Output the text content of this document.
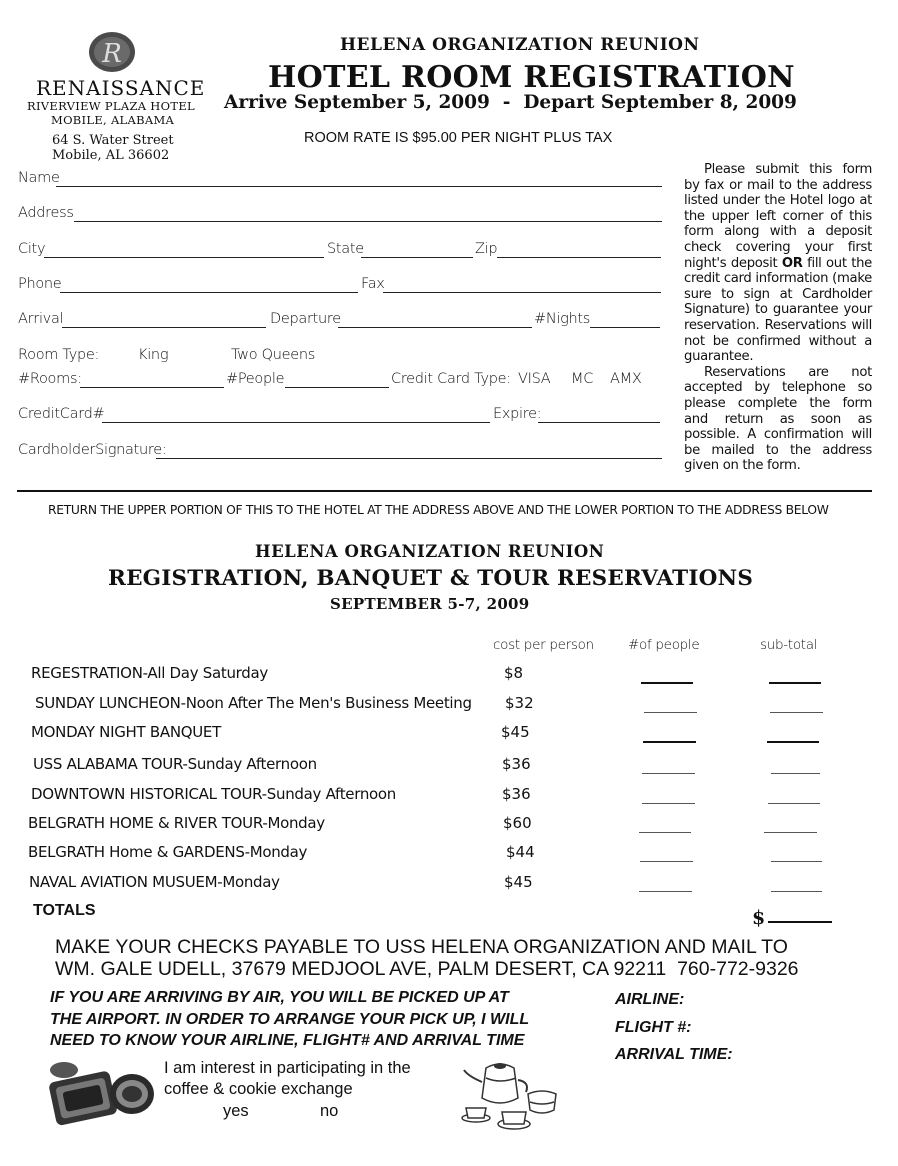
R
RENAISSANCE
RIVERVIEW PLAZA HOTEL
MOBILE, ALABAMA
64 S. Water Street
Mobile, AL 36602
HELENA ORGANIZATION REUNION
HOTEL ROOM REGISTRATION
Arrive September 5, 2009  -  Depart September 8, 2009
ROOM RATE IS $95.00 PER NIGHT PLUS TAX
Name
Address
City	State	Zip
Phone	Fax
Arrival	Departure	#Nights
Room Type:	King	Two Queens
#Rooms:	#People	Credit Card Type: VISA MC AMX
CreditCard#	Expire:
CardholderSignature:

Please submit this form by fax or mail to the address listed under the Hotel logo at the upper left corner of this form along with a deposit check covering your first night's deposit OR fill out the credit card information (make sure to sign at Cardholder Signature) to guarantee your reservation. Reservations will not be confirmed without a guarantee.

Reservations are not accepted by telephone so please complete the form and return as soon as possible. A confirmation will be mailed to the address given on the form.

RETURN THE UPPER PORTION OF THIS TO THE HOTEL AT THE ADDRESS ABOVE AND THE LOWER PORTION TO THE ADDRESS BELOW
HELENA ORGANIZATION REUNION
REGISTRATION, BANQUET & TOUR RESERVATIONS
SEPTEMBER 5-7, 2009
cost per person	#of people	sub-total
REGESTRATION-All Day Saturday	$8
SUNDAY LUNCHEON-Noon After The Men's Business Meeting $32
MONDAY NIGHT BANQUET	$45
USS ALABAMA TOUR-Sunday Afternoon	$36
DOWNTOWN HISTORICAL TOUR-Sunday Afternoon	$36
BELGRATH HOME & RIVER TOUR-Monday	$60
BELGRATH Home & GARDENS-Monday	$44
NAVAL AVIATION MUSUEM-Monday	$45
TOTALS	$
MAKE YOUR CHECKS PAYABLE TO USS HELENA ORGANIZATION AND MAIL TO
WM. GALE UDELL, 37679 MEDJOOL AVE, PALM DESERT, CA 92211  760-772-9326
IF YOU ARE ARRIVING BY AIR, YOU WILL BE PICKED UP AT
THE AIRPORT. IN ORDER TO ARRANGE YOUR PICK UP, I WILL
NEED TO KNOW YOUR AIRLINE, FLIGHT# AND ARRIVAL TIME
AIRLINE:
FLIGHT #:
ARRIVAL TIME:
I am interest in participating in the
coffee & cookie exchange
yes	no
